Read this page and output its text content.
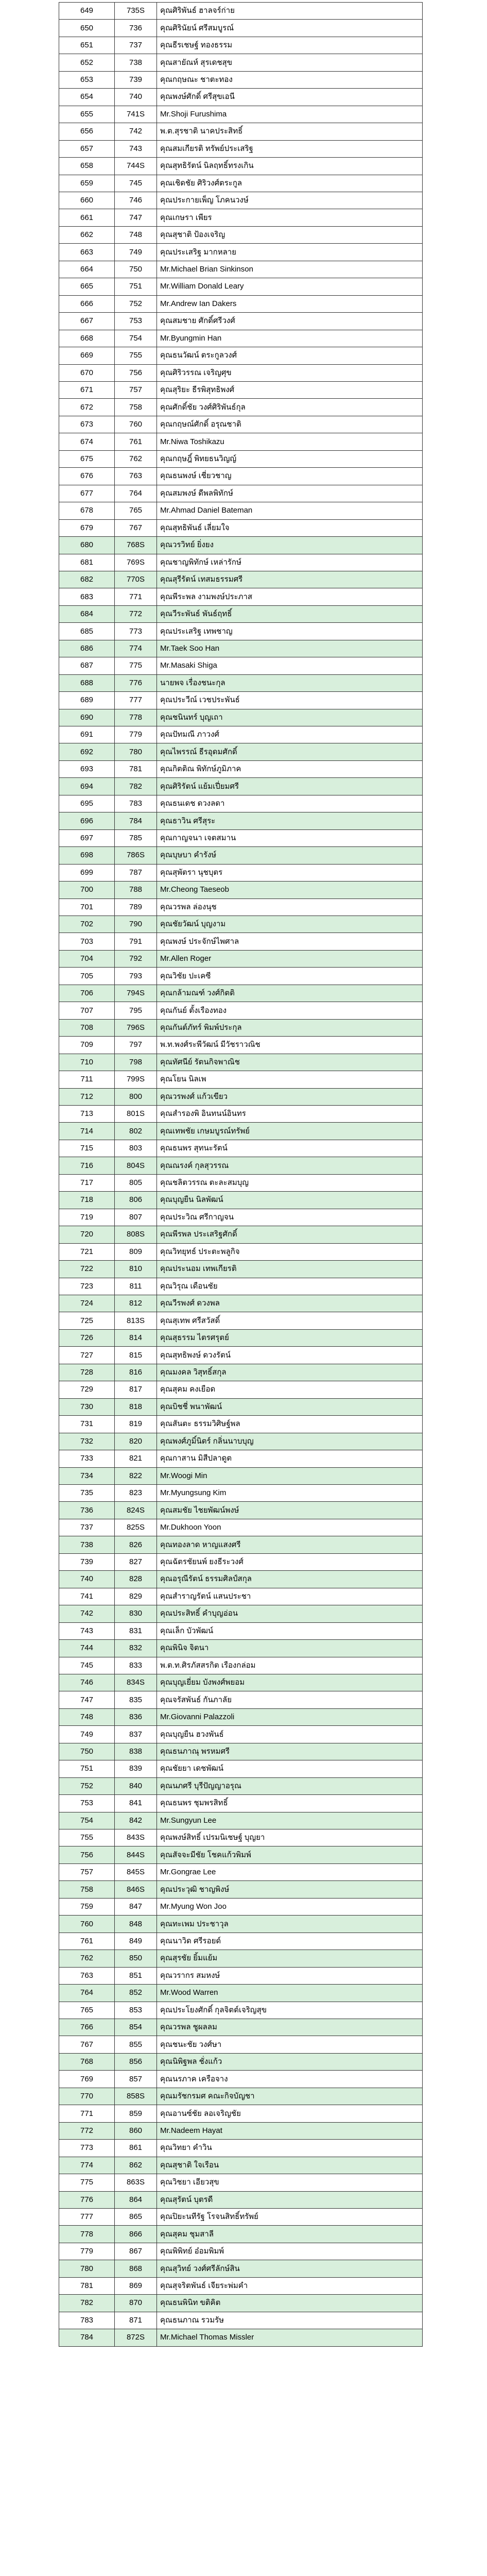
649	735S	คุณศิริพันธ์ ฮาลจร์ก่าย
650	736	คุณศิรินัยน์ ศรีสมบูรณ์
651	737	คุณธีรเชษฐ์ ทองธรรม
652	738	คุณสายัณห์ สุรเดชสุข
653	739	คุณกฤษณะ ชาตะทอง
654	740	คุณพงษ์ศักดิ์ ศรีสุขเอนี
655	741S	Mr.Shoji Furushima
656	742	พ.ต.สุรชาติ นาคประสิทธิ์
657	743	คุณสมเกียรติ ทรัพย์ประเสริฐ
658	744S	คุณสุทธิรัตน์ นิลฤทธิ์ทรงเกิน
659	745	คุณเชิดชัย ศิริวงศ์ตระกูล
660	746	คุณประกายเพ็ญ โภคนวงษ์
661	747	คุณเกษรา เพียร
662	748	คุณสุชาติ ป้องเจริญ
663	749	คุณประเสริฐ มากหลาย
664	750	Mr.Michael Brian Sinkinson
665	751	Mr.William Donald Leary
666	752	Mr.Andrew Ian Dakers
667	753	คุณสมชาย ศักดิ์ศรีวงศ์
668	754	Mr.Byungmin Han
669	755	คุณธนวัฒน์ ตระกูลวงศ์
670	756	คุณศิริวรรณ เจริญศุข
671	757	คุณสุริยะ ธีรพิสุทธิพงศ์
672	758	คุณศักดิ์ชัย วงศ์ศิริพันธ์กุล
673	760	คุณกฤษณ์ศักดิ์ อรุณชาติ
674	761	Mr.Niwa Toshikazu
675	762	คุณกฤษฎิ์ พิทยธนวิญญ์
676	763	คุณธนพงษ์ เชี่ยวชาญ
677	764	คุณสมพงษ์ ดีพลพิทักษ์
678	765	Mr.Ahmad Daniel Bateman
679	767	คุณสุทธิพันธ์ เลี่ยมใจ
680	768S	คุณวรวิทย์ ยิ่งยง
681	769S	คุณชาญพิทักษ์ เหล่ารักษ์
682	770S	คุณสุรีรัตน์ เทสมธรรมศรี
683	771	คุณพีระพล งามพงษ์ประภาส
684	772	คุณวีระพันธ์ พันธ์ฤทธิ์
685	773	คุณประเสริฐ เทพชาญ
686	774	Mr.Taek Soo Han
687	775	Mr.Masaki Shiga
688	776	นายพจ เรื่องชนะกุล
689	777	คุณประวีณ์ เวชประพันธ์
690	778	คุณชนินทร์ บุญเถา
691	779	คุณปัทมณี ภาวงศ์
692	780	คุณไพรรณ์ ธีรอุดมศักดิ์
693	781	คุณกิตติณ พิทักษ์ภูมิภาค
694	782	คุณศิริรัตน์ แย้มเปี่ยมศรี
695	783	คุณธนเดช ดวงลดา
696	784	คุณธาวิน ศรีสุระ
697	785	คุณกาญจนา เจตสมาน
698	786S	คุณบุษบา คำรังษ์
699	787	คุณสุพัตรา นุชบุตร
700	788	Mr.Cheong Taeseob
701	789	คุณวรพล ล่องนุช
702	790	คุณชัยวัฒน์ บุญงาม
703	791	คุณพงษ์ ประจักษ์ไพศาล
704	792	Mr.Allen Roger
705	793	คุณวิชัย ปะเคซี
706	794S	คุณกล้ามณฑ์ วงศ์กิตติ
707	795	คุณกันย์ ตั้งเรืองทอง
708	796S	คุณกันต์ภัทร์ พิมพ์ประกุล
709	797	พ.ท.พงศ์ระพีวัฒน์ มีวัชราวณิช
710	798	คุณทัศนีย์ รัตนกิจพาณิช
711	799S	คุณโยน นิลเพ
712	800	คุณวรพงศ์ แก้วเขียว
713	801S	คุณสำรองพิ อินทนน์อินทร
714	802	คุณเทพชัย เกษมบูรณ์ทรัพย์
715	803	คุณธนพร สุทนะรัตน์
716	804S	คุณณรงค์ กุลสุวรรณ
717	805	คุณชลิตวรรณ ตะละสมบุญ
718	806	คุณบุญยืน นิลพัฒน์
719	807	คุณประวิณ ศรีกาญจน
720	808S	คุณพีรพล ประเสริฐศักดิ์
721	809	คุณวิทยุทธ์ ประตะพลูกิจ
722	810	คุณประนอม เทพเกียรติ
723	811	คุณวิรุณ เดือนชัย
724	812	คุณวีรพงศ์ ดวงพล
725	813S	คุณสุเทพ ศรีสวัสดิ์
726	814	คุณสุธรรม ไตรศรุตย์
727	815	คุณสุทธิพงษ์ ดวงรัตน์
728	816	คุณมงคล วิสุทธิ์สกุล
729	817	คุณสุคม คงเยือด
730	818	คุณบิชชี่ พนาพัฒน์
731	819	คุณสันตะ ธรรมวิศิษฐ์พล
732	820	คุณพงศ์ภูมิ์นิตร์ กลิ่นนาบบุญ
733	821	คุณกาสาน มิสีปลาดูต
734	822	Mr.Woogi Min
735	823	Mr.Myungsung Kim
736	824S	คุณสมชัย ไชยพัฒน์พงษ์
737	825S	Mr.Dukhoon Yoon
738	826	คุณทองลาด หาญแสงศรี
739	827	คุณฉัตรชัยนพ์ ยงธีระวงศ์
740	828	คุณอรุณีรัตน์ ธรรมศิลป์สกุล
741	829	คุณสำราญรัตน์ แสนประชา
742	830	คุณประสิทธิ์ คำบุญอ่อน
743	831	คุณเล็ก บัวพัฒน์
744	832	คุณพินิจ จิตนา
745	833	พ.ต.ท.ศิรภัสสรกิต เรืองกล่อม
746	834S	คุณบุญเยี่ยม บังพงศ์พยอม
747	835	คุณจรัสพันธ์ กันภาลัย
748	836	Mr.Giovanni Palazzoli
749	837	คุณบุญยืน ฮวงพันธ์
750	838	คุณธนภาณุ พรหมศรี
751	839	คุณชัยยา เดชพัฒน์
752	840	คุณนภศรี บุรีปัญญาอรุณ
753	841	คุณธนพร ชุมพรสิทธิ์
754	842	Mr.Sungyun Lee
755	843S	คุณพงษ์สิทธิ์ เปรมนิเชษฐ์ บุญยา
756	844S	คุณสัจจะมีชัย โชคแก้วพิมพ์
757	845S	Mr.Gongrae Lee
758	846S	คุณประวุฒิ ชาญพิงษ์
759	847	Mr.Myung Won Joo
760	848	คุณทะเพม ประชาวุล
761	849	คุณนาวิด ศรีรอยด์
762	850	คุณสุรชัย ยิ้มแย้ม
763	851	คุณวรากร สมหงษ์
764	852	Mr.Wood Warren
765	853	คุณประโยงศักดิ์ กุลจิตต์เจริญสุข
766	854	คุณวรพล ชูผลลม
767	855	คุณชนะชัย วงศ์ษา
768	856	คุณนิพิฐพล ชั่งแก้ว
769	857	คุณนรภาค เครือจาง
770	858S	คุณมรัชกรมศ คณะกิจบัญชา
771	859	คุณอานซ์ชัย ลอเจริญชัย
772	860	Mr.Nadeem Hayat
773	861	คุณวิทยา คำวิน
774	862	คุณสุชาติ ใจเรือน
775	863S	คุณวิชยา เอียวสุข
776	864	คุณสุรัตน์ บุตรดี
777	865	คุณปิยะนทีรัฐ โรจนสิทธิ์ทรัพย์
778	866	คุณสุคม ชุมสาลี
779	867	คุณพิพิทย์ อ๋อมพิมพ์
780	868	คุณสุวิทย์ วงศ์ศรีลักษ์สิน
781	869	คุณสุจริตพันธ์ เจียระพ่มคำ
782	870	คุณธนพินิท ขติคิต
783	871	คุณธนภาณ รวมรัษ
784	872S	Mr.Michael Thomas Missler
